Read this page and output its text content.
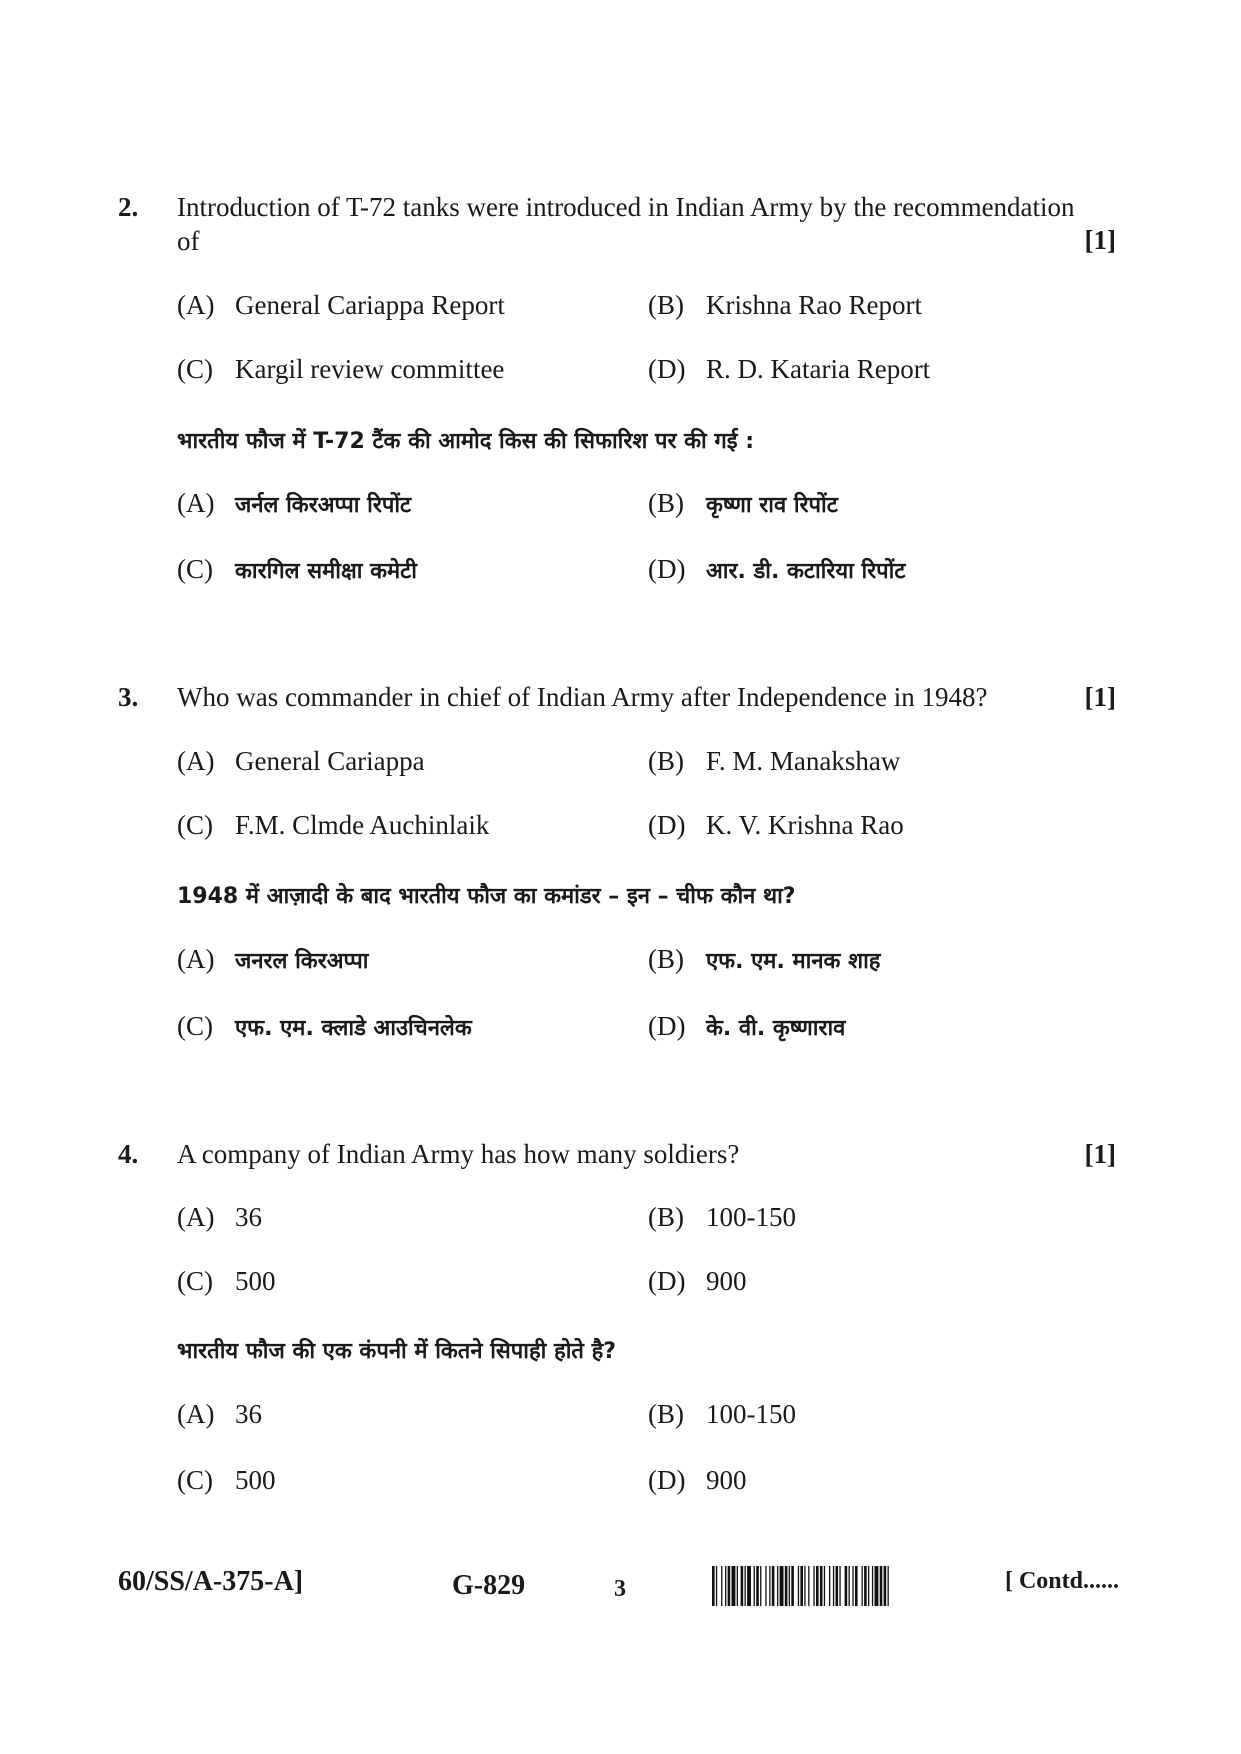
2. Introduction of T-72 tanks were introduced in Indian Army by the recommendation
of	[1]
(A) General Cariappa Report	(B) Krishna Rao Report
(C) Kargil review committee	(D) R. D. Kataria Report
भारतीय फौज में T-72 टैंक की आमोद किस की सिफारिश पर की गई :
(A) जर्नल किरअप्पा रिपोंट	(B) कृष्णा राव रिपोंट
(C) कारगिल समीक्षा कमेटी	(D) आर. डी. कटारिया रिपोंट
3. Who was commander in chief of Indian Army after Independence in 1948?	[1]
(A) General Cariappa	(B) F. M. Manakshaw
(C) F.M. Clmde Auchinlaik	(D) K. V. Krishna Rao
1948 में आज़ादी के बाद भारतीय फौज का कमांडर – इन – चीफ कौन था?
(A) जनरल किरअप्पा	(B) एफ. एम. मानक शाह
(C) एफ. एम. क्लाडे आउचिनलेक	(D) के. वी. कृष्णाराव
4. A company of Indian Army has how many soldiers?	[1]
(A) 36	(B) 100-150
(C) 500	(D) 900
भारतीय फौज की एक कंपनी में कितने सिपाही होते है?
(A) 36	(B) 100-150
(C) 500	(D) 900
60/SS/A-375-A]	G-829	3	[ Contd......
